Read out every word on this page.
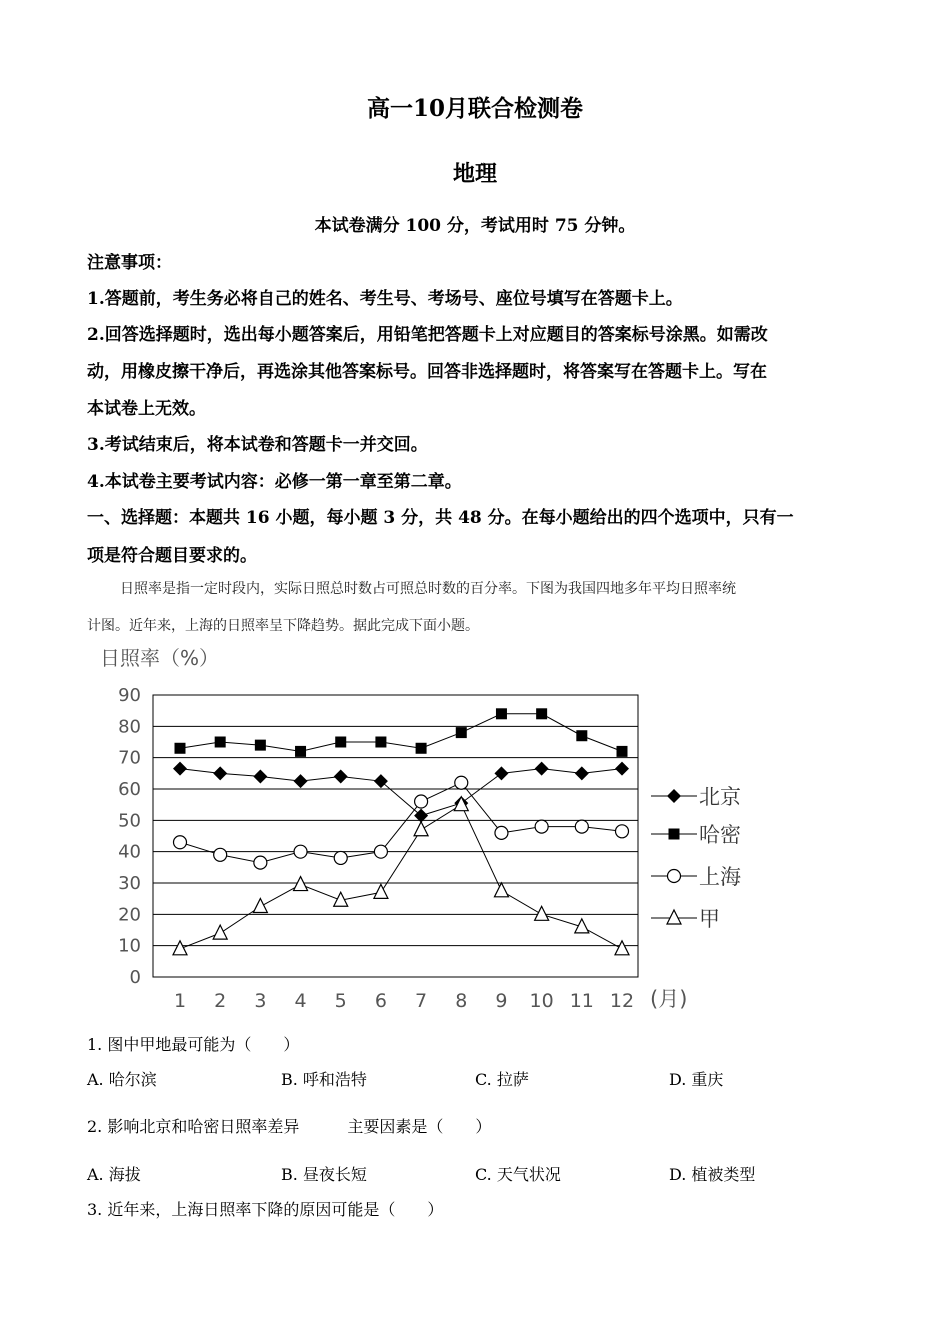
高一10月联合检测卷
地理
本试卷满分 100 分，考试用时 75 分钟。
注意事项：
1.答题前，考生务必将自己的姓名、考生号、考场号、座位号填写在答题卡上。
2.回答选择题时，选出每小题答案后，用铅笔把答题卡上对应题目的答案标号涂黑。如需改
动，用橡皮擦干净后，再选涂其他答案标号。回答非选择题时，将答案写在答题卡上。写在
本试卷上无效。
3.考试结束后，将本试卷和答题卡一并交回。
4.本试卷主要考试内容：必修一第一章至第二章。
一、选择题：本题共 16 小题，每小题 3 分，共 48 分。在每小题给出的四个选项中，只有一
项是符合题目要求的。
日照率是指一定时段内，实际日照总时数占可照总时数的百分率。下图为我国四地多年平均日照率统
计图。近年来，上海的日照率呈下降趋势。据此完成下面小题。
日照率（%）
(月)
0
10
20
30
40
50
60
70
80
90
1 2 3 4 5 6 7 8 9 10 11 12
北京
哈密
上海
甲
1. 图中甲地最可能为（　　）
A. 哈尔滨	B. 呼和浩特	C. 拉萨	D. 重庆
2. 影响北京和哈密日照率差异　　　主要因素是（　　）
A. 海拔	B. 昼夜长短	C. 天气状况	D. 植被类型
3. 近年来，上海日照率下降的原因可能是（　　）
